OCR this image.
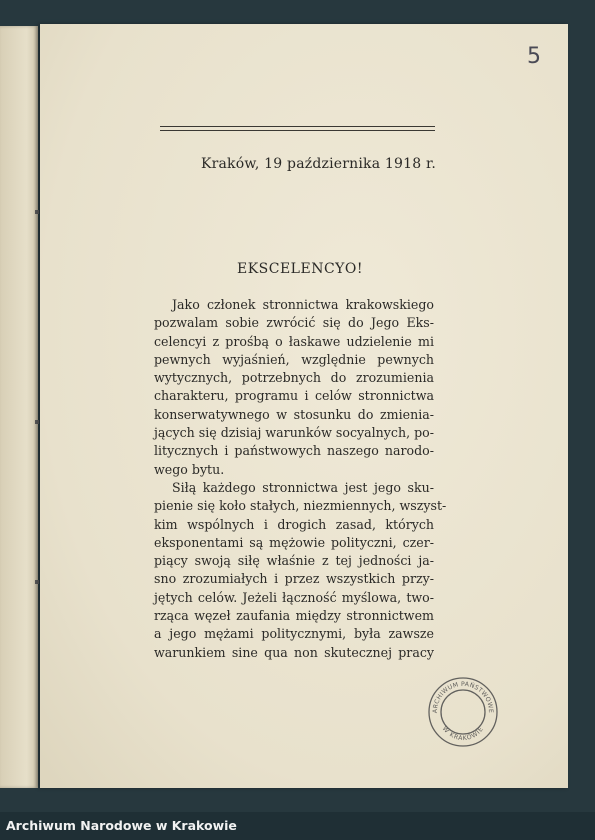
5
Kraków, 19 października 1918 r.
EKSCELENCYO!
Jako członek stronnictwa krakowskiego
pozwalam sobie zwrócić się do Jego Eks-
celencyi z prośbą o łaskawe udzielenie mi
pewnych wyjaśnień, względnie pewnych
wytycznych, potrzebnych do zrozumienia
charakteru, programu i celów stronnictwa
konserwatywnego w stosunku do zmienia-
jących się dzisiaj warunków socyalnych, po-
litycznych i państwowych naszego narodo-
wego bytu.
Siłą każdego stronnictwa jest jego sku-
pienie się koło stałych, niezmiennych, wszyst-
kim wspólnych i drogich zasad, których
eksponentami są mężowie polityczni, czer-
piący swoją siłę właśnie z tej jedności ja-
sno zrozumiałych i przez wszystkich przy-
jętych celów. Jeżeli łączność myślowa, two-
rząca węzeł zaufania między stronnictwem
a jego mężami politycznymi, była zawsze
warunkiem sine qua non skutecznej pracy
ARCHIWUM PAŃSTWOWE
W KRAKOWIE
Archiwum Narodowe w Krakowie
